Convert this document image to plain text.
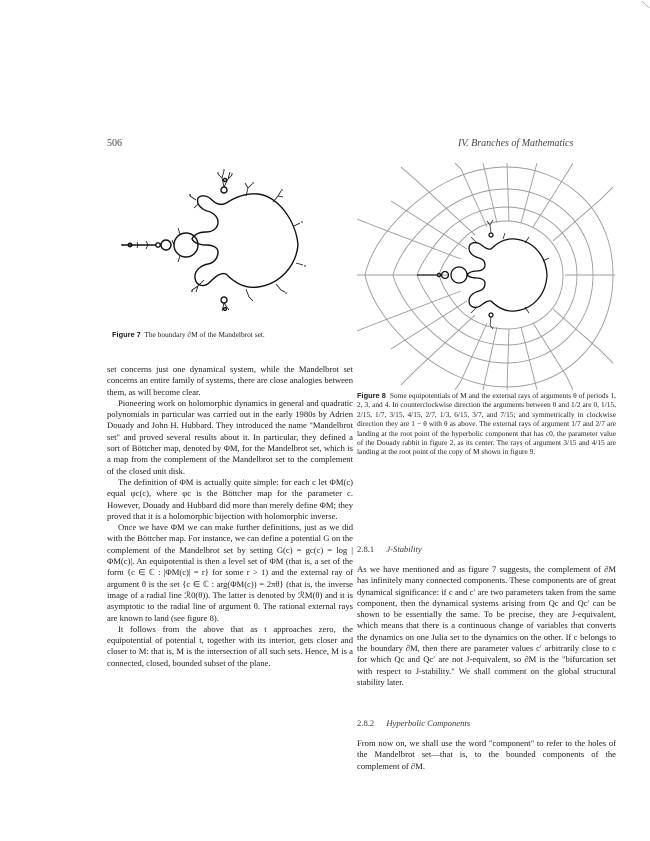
506	IV. Branches of Mathematics
Figure 7 The boundary ∂M of the Mandelbrot set.
Figure 8 Some equipotentials of M and the external rays of arguments θ of periods 1, 2, 3, and 4. In counterclockwise direction the arguments between 0 and 1/2 are 0, 1/15, 2/15, 1/7, 3/15, 4/15, 2/7, 1/3, 6/15, 3/7, and 7/15; and symmetrically in clockwise direction they are 1 − θ with θ as above. The external rays of argument 1/7 and 2/7 are landing at the root point of the hyperbolic component that has c0, the parameter value of the Douady rabbit in figure 2, as its center. The rays of argument 3/15 and 4/15 are landing at the root point of the copy of M shown in figure 9.

set concerns just one dynamical system, while the Mandelbrot set concerns an entire family of systems, there are close analogies between them, as will become clear.

Pioneering work on holomorphic dynamics in general and quadratic polynomials in particular was carried out in the early 1980s by Adrien Douady and John H. Hubbard. They introduced the name "Mandelbrot set" and proved several results about it. In particular, they defined a sort of Böttcher map, denoted by ΦM, for the Mandelbrot set, which is a map from the complement of the Mandelbrot set to the complement of the closed unit disk.

The definition of ΦM is actually quite simple: for each c let ΦM(c) equal φc(c), where φc is the Böttcher map for the parameter c. However, Douady and Hubbard did more than merely define ΦM; they proved that it is a holomorphic bijection with holomorphic inverse.

Once we have ΦM we can make further definitions, just as we did with the Böttcher map. For instance, we can define a potential G on the complement of the Mandelbrot set by setting G(c) = gc(c) = log |ΦM(c)|. An equipotential is then a level set of ΦM (that is, a set of the form {c ∈ ℂ : |ΦM(c)| = r} for some r > 1) and the external ray of argument θ is the set {c ∈ ℂ : arg(ΦM(c)) = 2πθ} (that is, the inverse image of a radial line ℛ0(θ)). The latter is denoted by ℛM(θ) and it is asymptotic to the radial line of argument θ. The rational external rays are known to land (see figure 8).

It follows from the above that as t approaches zero, the equipotential of potential t, together with its interior, gets closer and closer to M: that is, M is the intersection of all such sets. Hence, M is a connected, closed, bounded subset of the plane.

2.8.1 J-Stability

As we have mentioned and as figure 7 suggests, the complement of ∂M has infinitely many connected components. These components are of great dynamical significance: if c and c′ are two parameters taken from the same component, then the dynamical systems arising from Qc and Qc′ can be shown to be essentially the same. To be precise, they are J-equivalent, which means that there is a continuous change of variables that converts the dynamics on one Julia set to the dynamics on the other. If c belongs to the boundary ∂M, then there are parameter values c′ arbitrarily close to c for which Qc and Qc′ are not J-equivalent, so ∂M is the "bifurcation set with respect to J-stability." We shall comment on the global structural stability later.

2.8.2 Hyperbolic Components

From now on, we shall use the word "component" to refer to the holes of the Mandelbrot set—that is, to the bounded components of the complement of ∂M.
